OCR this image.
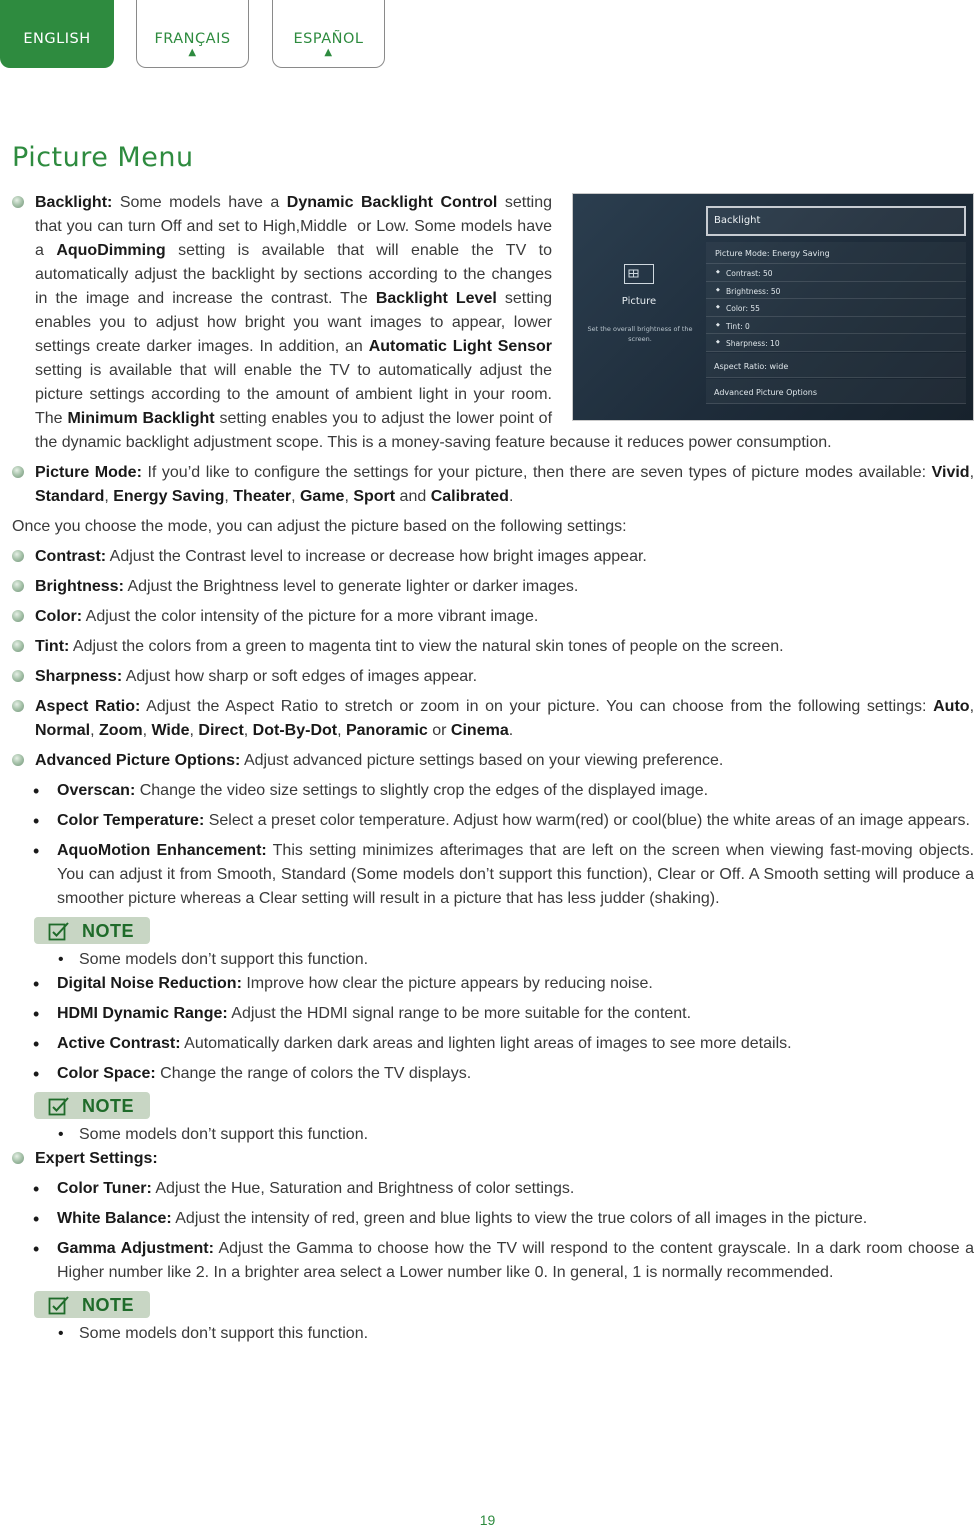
ENGLISH	FRANÇAIS
▲
ESPAÑOL
▲
Picture Menu
Picture
Set the overall brightness of the screen.
Backlight
Picture Mode: Energy Saving
◆ Contrast: 50
◆ Brightness: 50
◆ Color: 55
◆ Tint: 0
◆ Sharpness: 10
Aspect Ratio: wide
Advanced Picture Options
Backlight: Some models have a Dynamic Backlight Control setting that you can turn Off and set to High,Middle  or Low. Some models have a AquoDimming setting is available that will enable the TV to automatically adjust the backlight by sections according to the changes in the image and increase the contrast. The Backlight Level setting enables you to adjust how bright you want images to appear, lower settings create darker images. In addition, an Automatic Light Sensor setting is available that will enable the TV to automatically adjust the picture settings according to the amount of ambient light in your room. The Minimum Backlight setting enables you to adjust the lower point of the dynamic backlight adjustment scope. This is a money-saving feature because it reduces power consumption.
Picture Mode: If you’d like to configure the settings for your picture, then there are seven types of picture modes available: Vivid, Standard, Energy Saving, Theater, Game, Sport and Calibrated.
Once you choose the mode, you can adjust the picture based on the following settings:
Contrast: Adjust the Contrast level to increase or decrease how bright images appear.
Brightness: Adjust the Brightness level to generate lighter or darker images.
Color: Adjust the color intensity of the picture for a more vibrant image.
Tint: Adjust the colors from a green to magenta tint to view the natural skin tones of people on the screen.
Sharpness: Adjust how sharp or soft edges of images appear.
Aspect Ratio: Adjust the Aspect Ratio to stretch or zoom in on your picture. You can choose from the following settings: Auto, Normal, Zoom, Wide, Direct, Dot-By-Dot, Panoramic or Cinema.
Advanced Picture Options: Adjust advanced picture settings based on your viewing preference.
• Overscan: Change the video size settings to slightly crop the edges of the displayed image.
• Color Temperature: Select a preset color temperature. Adjust how warm(red) or cool(blue) the white areas of an image appears.
• AquoMotion Enhancement: This setting minimizes afterimages that are left on the screen when viewing fast-moving objects. You can adjust it from Smooth, Standard (Some models don’t support this function), Clear or Off. A Smooth setting will produce a smoother picture whereas a Clear setting will result in a picture that has less judder (shaking).
NOTE
• Some models don’t support this function.
• Digital Noise Reduction: Improve how clear the picture appears by reducing noise.
• HDMI Dynamic Range: Adjust the HDMI signal range to be more suitable for the content.
• Active Contrast: Automatically darken dark areas and lighten light areas of images to see more details.
• Color Space: Change the range of colors the TV displays.
NOTE
• Some models don’t support this function.
Expert Settings:
• Color Tuner: Adjust the Hue, Saturation and Brightness of color settings.
• White Balance: Adjust the intensity of red, green and blue lights to view the true colors of all images in the picture.
• Gamma Adjustment: Adjust the Gamma to choose how the TV will respond to the content grayscale. In a dark room choose a Higher number like 2. In a brighter area select a Lower number like 0. In general, 1 is normally recommended.
NOTE
• Some models don’t support this function.
19
